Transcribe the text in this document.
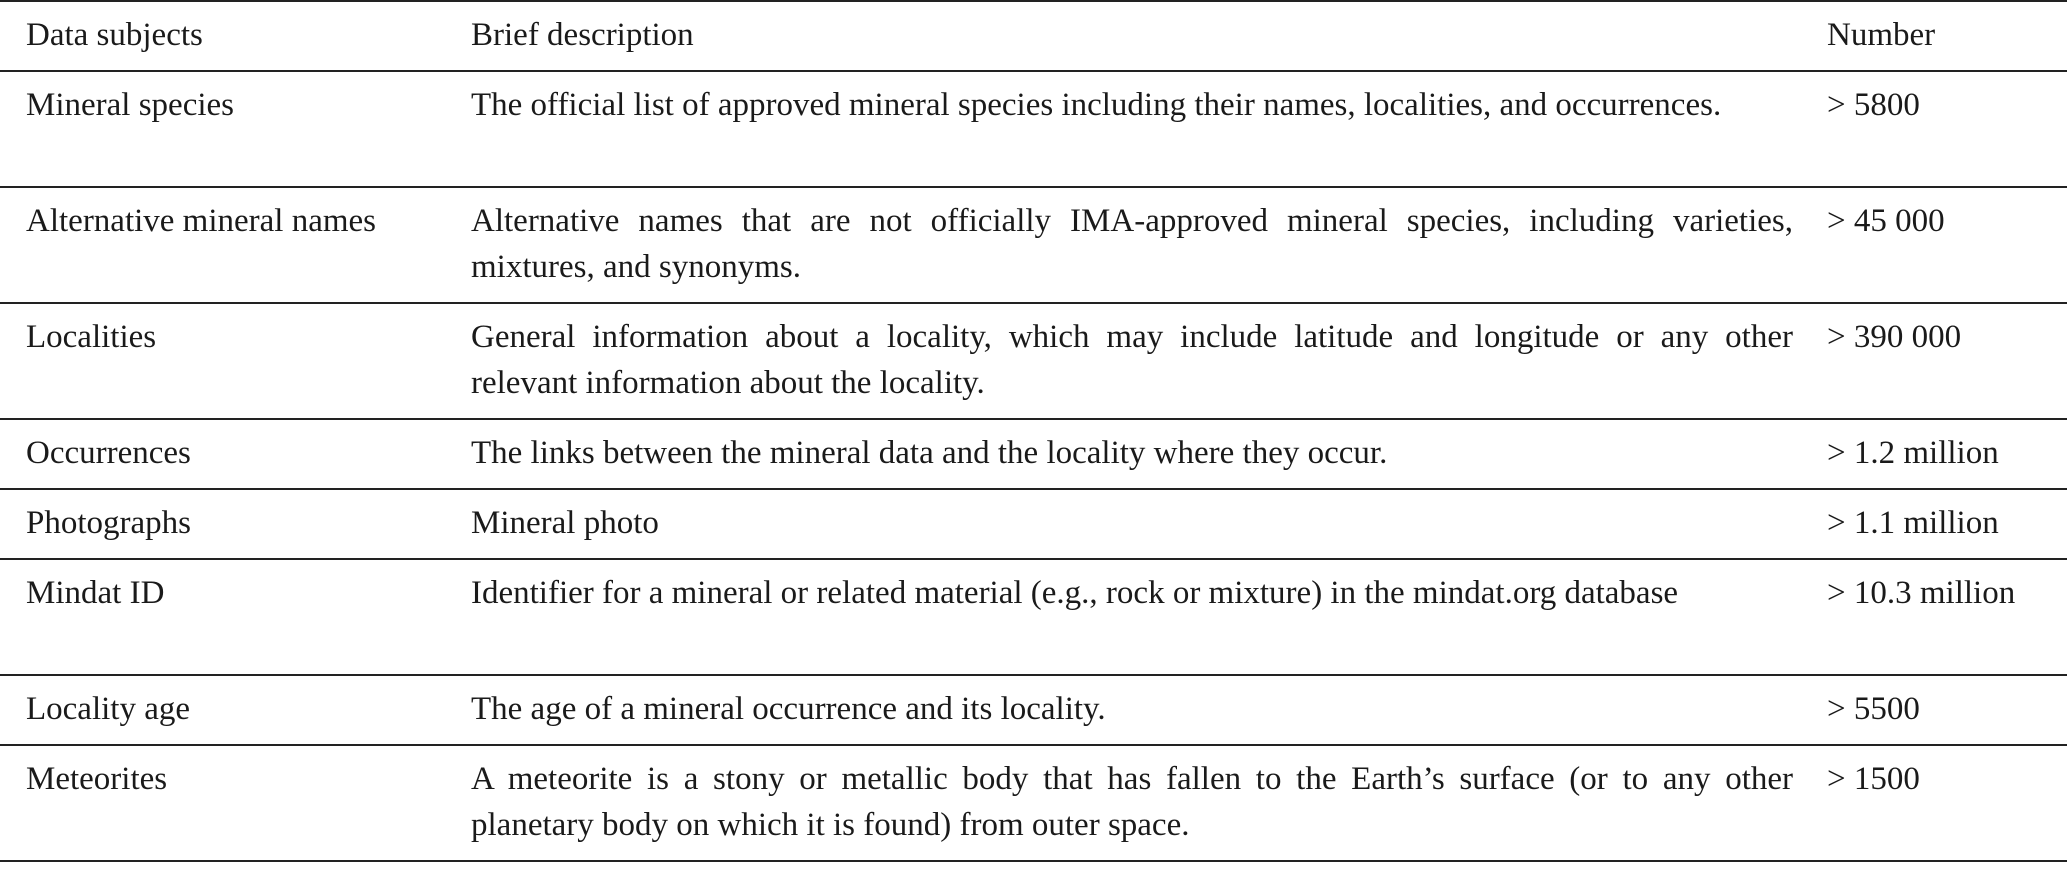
Data subjects	Brief description	Number
Mineral species	The official list of approved mineral species including their names, localities, and occurrences.	> 5800
Alternative mineral names	Alternative names that are not officially IMA-approved mineral species, including varieties, mixtures, and synonyms.	> 45 000
Localities	General information about a locality, which may include latitude and longitude or any other relevant information about the locality.	> 390 000
Occurrences	The links between the mineral data and the locality where they occur.	> 1.2 million
Photographs	Mineral photo	> 1.1 million
Mindat ID	Identifier for a mineral or related material (e.g., rock or mixture) in the mindat.org database	> 10.3 million
Locality age	The age of a mineral occurrence and its locality.	> 5500
Meteorites	A meteorite is a stony or metallic body that has fallen to the Earth’s surface (or to any other planetary body on which it is found) from outer space.	> 1500
